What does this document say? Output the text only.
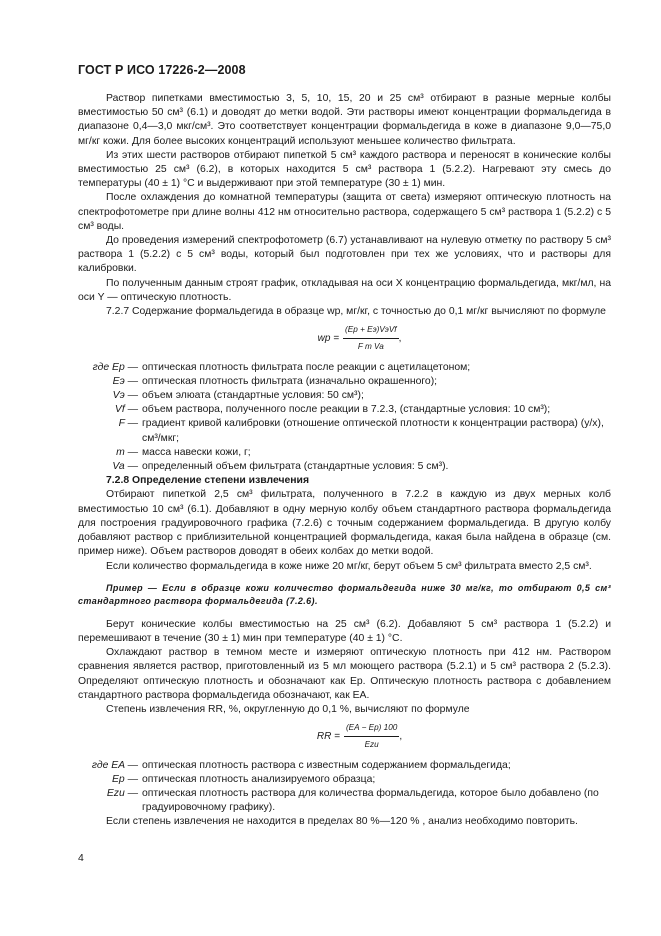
ГОСТ Р ИСО 17226-2—2008

Раствор пипетками вместимостью 3, 5, 10, 15, 20 и 25 см³ отбирают в разные мерные колбы вместимостью 50 см³ (6.1) и доводят до метки водой. Эти растворы имеют концентрации формальдегида в диапазоне 0,4—3,0 мкг/см³. Это соответствует концентрации формальдегида в коже в диапазоне 9,0—75,0 мг/кг кожи. Для более высоких концентраций используют меньшее количество фильтрата.

Из этих шести растворов отбирают пипеткой 5 см³ каждого раствора и переносят в конические колбы вместимостью 25 см³ (6.2), в которых находится 5 см³ раствора 1 (5.2.2). Нагревают эту смесь до температуры (40 ± 1) °С и выдерживают при этой температуре (30 ± 1) мин.

После охлаждения до комнатной температуры (защита от света) измеряют оптическую плотность на спектрофотометре при длине волны 412 нм относительно раствора, содержащего 5 см³ раствора 1 (5.2.2) с 5 см³ воды.

До проведения измерений спектрофотометр (6.7) устанавливают на нулевую отметку по раствору 5 см³ раствора 1 (5.2.2) с 5 см³ воды, который был подготовлен при тех же условиях, что и растворы для калибровки.

По полученным данным строят график, откладывая на оси X концентрацию формальдегида, мкг/мл, на оси Y — оптическую плотность.

7.2.7 Содержание формальдегида в образце wр, мг/кг, с точностью до 0,1 мг/кг вычисляют по формуле

wр = $\frac{\text{(Eр + Eэ)VэVf}}{\text{F m Va}}$ ,
где Eр — оптическая плотность фильтрата после реакции с ацетилацетоном;
Eэ — оптическая плотность фильтрата (изначально окрашенного);
Vэ — объем элюата (стандартные условия: 50 см³);
Vf — объем раствора, полученного после реакции в 7.2.3, (стандартные условия: 10 см³);
F — градиент кривой калибровки (отношение оптической плотности к концентрации раствора) (y/x), см³/мкг;
m — масса навески кожи, г;
Va — определенный объем фильтрата (стандартные условия: 5 см³).

7.2.8 Определение степени извлечения

Отбирают пипеткой 2,5 см³ фильтрата, полученного в 7.2.2 в каждую из двух мерных колб вместимостью 10 см³ (6.1). Добавляют в одну мерную колбу объем стандартного раствора формальдегида для построения градуировочного графика (7.2.6) с точным содержанием формальдегида. В другую колбу добавляют раствор с приблизительной концентрацией формальдегида, какая была найдена в образце (см. пример ниже). Объем растворов доводят в обеих колбах до метки водой.

Если количество формальдегида в коже ниже 20 мг/кг, берут объем 5 см³ фильтрата вместо 2,5 см³.

Пример — Если в образце кожи количество формальдегида ниже 30 мг/кг, то отбирают 0,5 см³ стандартного раствора формальдегида (7.2.6).

Берут конические колбы вместимостью на 25 см³ (6.2). Добавляют 5 см³ раствора 1 (5.2.2) и перемешивают в течение (30 ± 1) мин при температуре (40 ± 1) °С.

Охлаждают раствор в темном месте и измеряют оптическую плотность при 412 нм. Раствором сравнения является раствор, приготовленный из 5 мл моющего раствора (5.2.1) и 5 см³ раствора 2 (5.2.3). Определяют оптическую плотность и обозначают как Eр. Оптическую плотность раствора с добавлением стандартного раствора формальдегида обозначают, как EA.

Степень извлечения RR, %, округленную до 0,1 %, вычисляют по формуле

RR = $\frac{(EA - Eр) 100}{\text{Ezu}}$ ,
где EA — оптическая плотность раствора с известным содержанием формальдегида;
Eр — оптическая плотность анализируемого образца;
Ezu — оптическая плотность раствора для количества формальдегида, которое было добавлено (по градуировочному графику).

Если степень извлечения не находится в пределах 80 %—120 % , анализ необходимо повторить.

4
